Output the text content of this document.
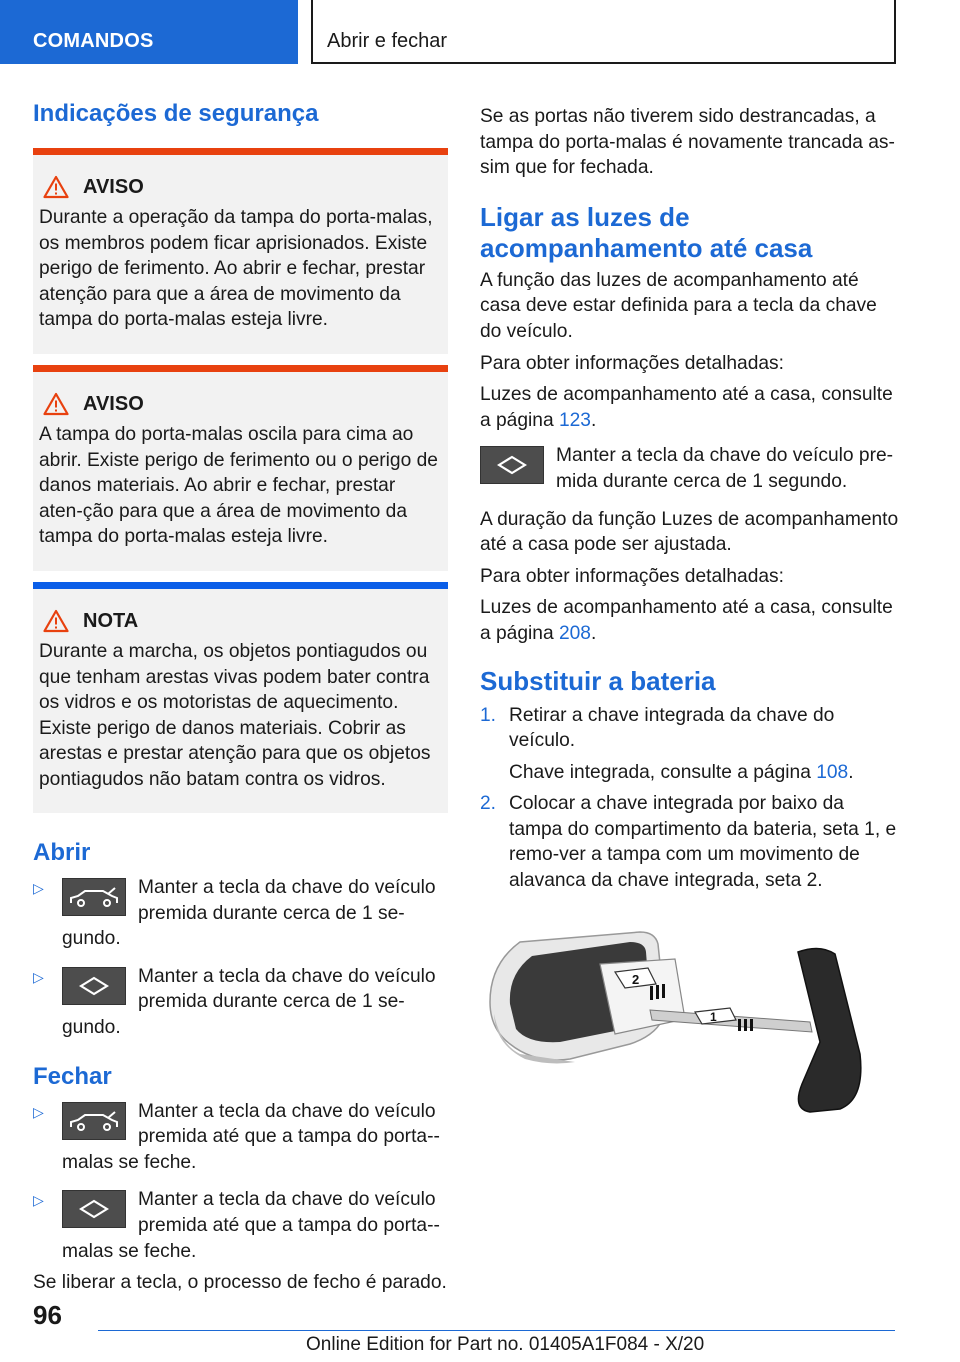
COMANDOS	Abrir e fechar
Indicações de segurança
AVISO
Durante a operação da tampa do porta-malas, os membros podem ficar aprisionados. Existe perigo de ferimento. Ao abrir e fechar, prestar atenção para que a área de movimento da tampa do porta-malas esteja livre.
AVISO
A tampa do porta-malas oscila para cima ao abrir. Existe perigo de ferimento ou o perigo de danos materiais. Ao abrir e fechar, prestar aten-ção para que a área de movimento da tampa do porta-malas esteja livre.
NOTA
Durante a marcha, os objetos pontiagudos ou que tenham arestas vivas podem bater contra os vidros e os motoristas de aquecimento. Existe perigo de danos materiais. Cobrir as arestas e prestar atenção para que os objetos pontiagudos não batam contra os vidros.
Abrir
▷	Manter a tecla da chave do veículo premida durante cerca de 1 se-gundo.
▷	Manter a tecla da chave do veículo premida durante cerca de 1 se-gundo.
Fechar
▷	Manter a tecla da chave do veículo premida até que a tampa do porta--malas se feche.
▷	Manter a tecla da chave do veículo premida até que a tampa do porta--malas se feche.

Se liberar a tecla, o processo de fecho é parado.

Se as portas não tiverem sido destrancadas, a tampa do porta-malas é novamente trancada as-sim que for fechada.

Ligar as luzes de acompanhamento até casa

A função das luzes de acompanhamento até casa deve estar definida para a tecla da chave do veículo.

Para obter informações detalhadas:

Luzes de acompanhamento até a casa, consulte a página 123.

Manter a tecla da chave do veículo pre-mida durante cerca de 1 segundo.

A duração da função Luzes de acompanhamento até a casa pode ser ajustada.

Para obter informações detalhadas:

Luzes de acompanhamento até a casa, consulte a página 208.

Substituir a bateria
1. Retirar a chave integrada da chave do veículo.
Chave integrada, consulte a página 108.
2. Colocar a chave integrada por baixo da tampa do compartimento da bateria, seta 1, e remo-ver a tampa com um movimento de alavanca da chave integrada, seta 2.
2
1
96
Online Edition for Part no. 01405A1F084 - X/20
